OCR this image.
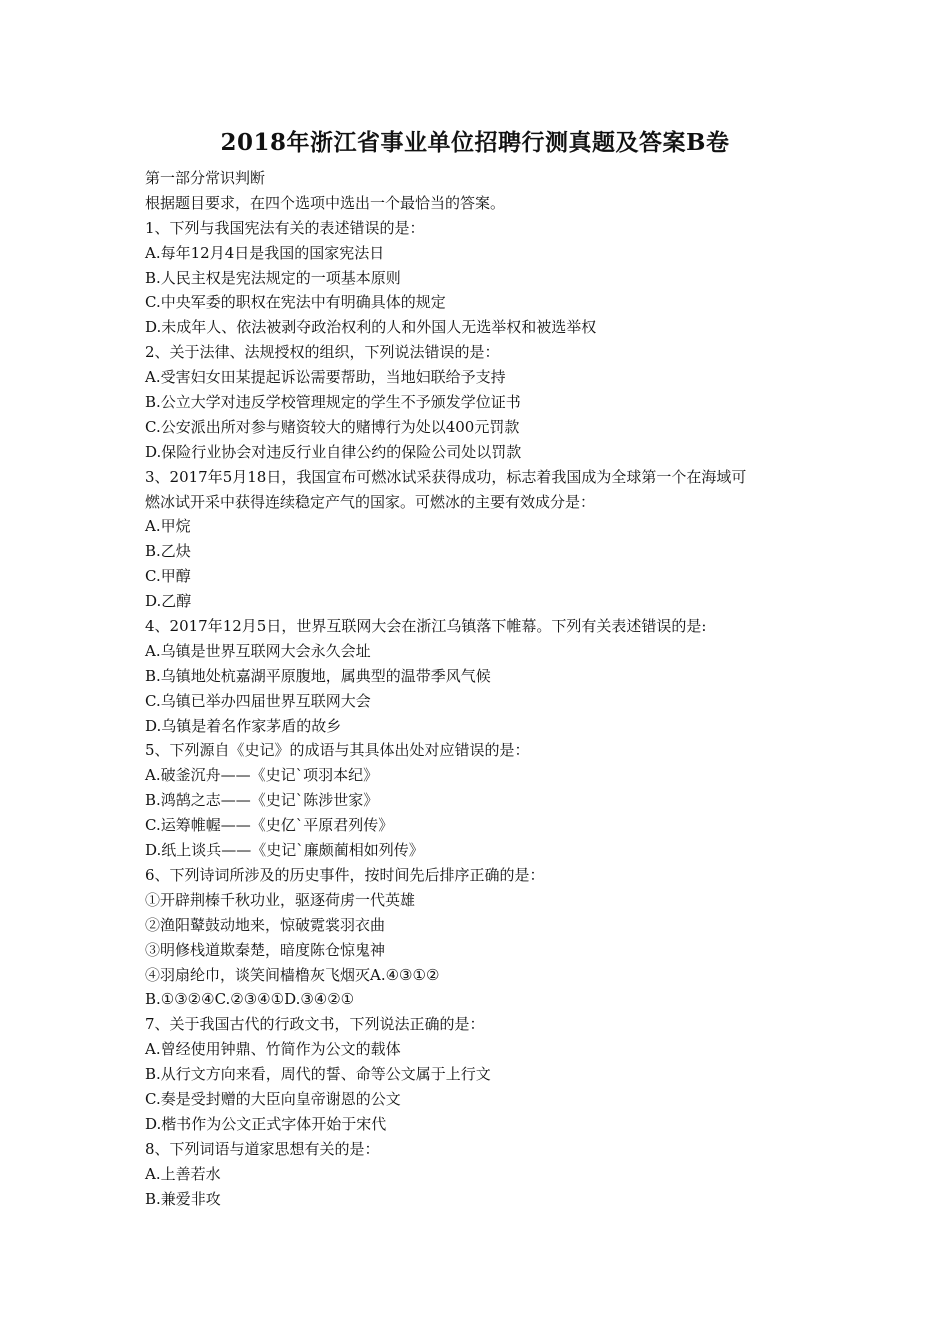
2018年浙江省事业单位招聘行测真题及答案B卷
第一部分常识判断
根据题目要求，在四个选项中选出一个最恰当的答案。
1、下列与我国宪法有关的表述错误的是：
A.每年12月4日是我国的国家宪法日
B.人民主权是宪法规定的一项基本原则
C.中央军委的职权在宪法中有明确具体的规定
D.未成年人、依法被剥夺政治权利的人和外国人无选举权和被选举权
2、关于法律、法规授权的组织，下列说法错误的是：
A.受害妇女田某提起诉讼需要帮助，当地妇联给予支持
B.公立大学对违反学校管理规定的学生不予颁发学位证书
C.公安派出所对参与赌资较大的赌博行为处以400元罚款
D.保险行业协会对违反行业自律公约的保险公司处以罚款
3、2017年5月18日，我国宣布可燃冰试采获得成功，标志着我国成为全球第一个在海域可
燃冰试开采中获得连续稳定产气的国家。可燃冰的主要有效成分是：
A.甲烷
B.乙炔
C.甲醇
D.乙醇
4、2017年12月5日，世界互联网大会在浙江乌镇落下帷幕。下列有关表述错误的是:
A.乌镇是世界互联网大会永久会址
B.乌镇地处杭嘉湖平原腹地，属典型的温带季风气候
C.乌镇已举办四届世界互联网大会
D.乌镇是着名作家茅盾的故乡
5、下列源自《史记》的成语与其具体出处对应错误的是：
A.破釜沉舟——《史记`项羽本纪》
B.鸿鹄之志——《史记`陈涉世家》
C.运筹帷幄——《史亿`平原君列传》
D.纸上谈兵——《史记`廉颇蔺相如列传》
6、下列诗词所涉及的历史事件，按时间先后排序正确的是：
①开辟荆榛千秋功业，驱逐荷虏一代英雄
②渔阳鼙鼓动地来，惊破霓裳羽衣曲
③明修栈道欺秦楚，暗度陈仓惊鬼神
④羽扇纶巾，谈笑间樯橹灰飞烟灭A.④③①②
B.①③②④C.②③④①D.③④②①
7、关于我国古代的行政文书，下列说法正确的是：
A.曾经使用钟鼎、竹简作为公文的载体
B.从行文方向来看，周代的誓、命等公文属于上行文
C.奏是受封赠的大臣向皇帝谢恩的公文
D.楷书作为公文正式字体开始于宋代
8、下列词语与道家思想有关的是：
A.上善若水
B.兼爱非攻
